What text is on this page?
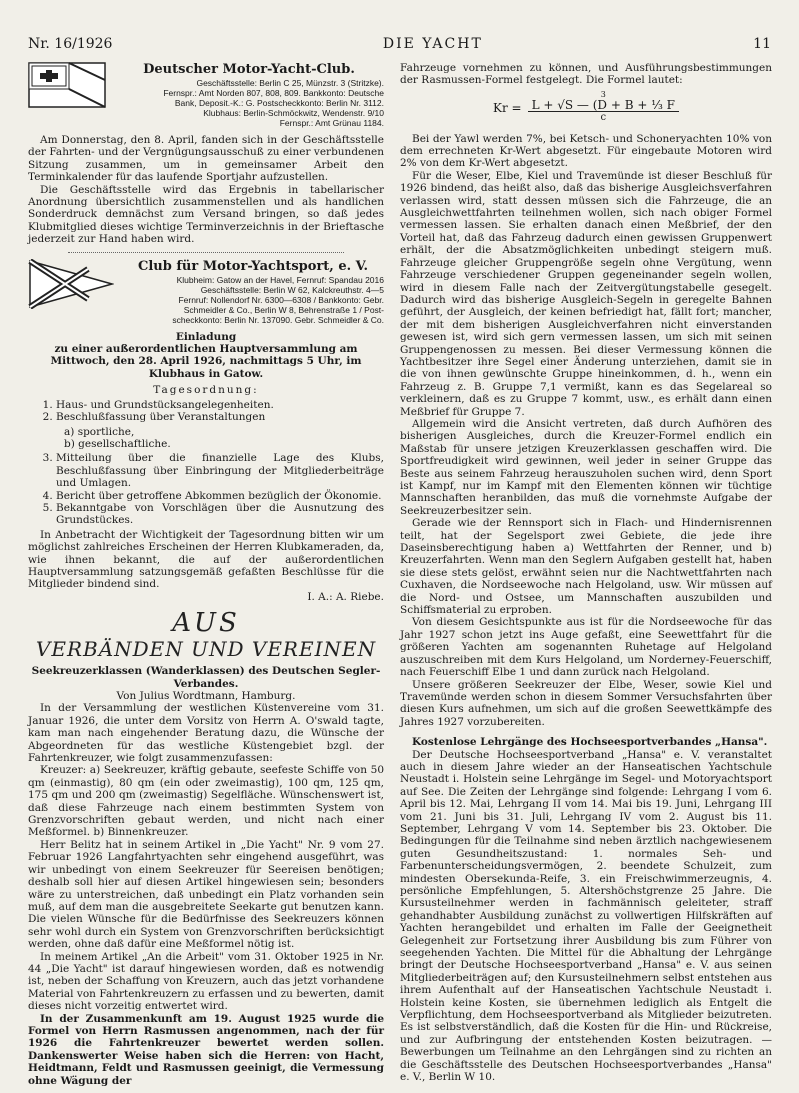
Nr. 16/1926	DIE YACHT	11
Deutscher Motor-Yacht-Club.
Geschäftsstelle: Berlin C 25, Münzstr. 3 (Stritzke).
Fernspr.: Amt Norden 807, 808, 809. Bankkonto: Deutsche
Bank, Deposit.-K.: G. Postscheckkonto: Berlin Nr. 3112.
Klubhaus: Berlin-Schmöckwitz, Wendenstr. 9/10
Fernspr.: Amt Grünau 1184.

Am Donnerstag, den 8. April, fanden sich in der Geschäftsstelle der Fahrten- und der Vergnügungsausschuß zu einer verbundenen Sitzung zusammen, um in gemeinsamer Arbeit den Terminkalender für das laufende Sportjahr aufzustellen.

Die Geschäftsstelle wird das Ergebnis in tabellarischer Anordnung übersichtlich zusammenstellen und als handlichen Sonderdruck demnächst zum Versand bringen, so daß jedes Klubmitglied dieses wichtige Terminverzeichnis in der Brieftasche jederzeit zur Hand haben wird.

Club für Motor-Yachtsport, e. V.
Klubheim: Gatow an der Havel, Fernruf: Spandau 2016
Geschäftsstelle: Berlin W 62, Kalckreuthstr. 4—5
Fernruf: Nollendorf Nr. 6300—6308 / Bankkonto: Gebr.
Schmeidler & Co., Berlin W 8, Behrenstraße 1 / Post-
scheckkonto: Berlin Nr. 137090. Gebr. Schmeidler & Co.

Einladung

zu einer außerordentlichen Hauptversammlung am Mittwoch, den 28. April 1926, nachmittags 5 Uhr, im Klubhaus in Gatow.

Tagesordnung:

1. Haus- und Grundstücksangelegenheiten.
2. Beschlußfassung über Veranstaltungen
a) sportliche,
b) gesellschaftliche.
3. Mitteilung über die finanzielle Lage des Klubs, Beschlußfassung über Einbringung der Mitgliederbeiträge und Umlagen.
4. Bericht über getroffene Abkommen bezüglich der Ökonomie.
5. Bekanntgabe von Vorschlägen über die Ausnutzung des Grundstückes.

In Anbetracht der Wichtigkeit der Tagesordnung bitten wir um möglichst zahlreiches Erscheinen der Herren Klubkameraden, da, wie ihnen bekannt, die auf der außerordentlichen Hauptversammlung satzungsgemäß gefaßten Beschlüsse für die Mitglieder bindend sind.

I. A.: A. Riebe.

AUS
VERBÄNDEN UND VEREINEN

Seekreuzerklassen (Wanderklassen) des Deutschen Segler-Verbandes.

Von Julius Wordtmann, Hamburg.

In der Versammlung der westlichen Küstenvereine vom 31. Januar 1926, die unter dem Vorsitz von Herrn A. O'swald tagte, kam man nach eingehender Beratung dazu, die Wünsche der Abgeordneten für das westliche Küstengebiet bzgl. der Fahrtenkreuzer, wie folgt zusammenzufassen:

Kreuzer: a) Seekreuzer, kräftig gebaute, seefeste Schiffe von 50 qm (einmastig), 80 qm (ein oder zweimastig), 100 qm, 125 qm, 175 qm und 200 qm (zweimastig) Segelfläche. Wünschenswert ist, daß diese Fahrzeuge nach einem bestimmten System von Grenzvorschriften gebaut werden, und nicht nach einer Meßformel. b) Binnenkreuzer.

Herr Belitz hat in seinem Artikel in „Die Yacht" Nr. 9 vom 27. Februar 1926 Langfahrtyachten sehr eingehend ausgeführt, was wir unbedingt von einem Seekreuzer für Seereisen benötigen; deshalb soll hier auf diesen Artikel hingewiesen sein; besonders wäre zu unterstreichen, daß unbedingt ein Platz vorhanden sein muß, auf dem man die ausgebreitete Seekarte gut benutzen kann. Die vielen Wünsche für die Bedürfnisse des Seekreuzers können sehr wohl durch ein System von Grenzvorschriften berücksichtigt werden, ohne daß dafür eine Meßformel nötig ist.

In meinem Artikel „An die Arbeit" vom 31. Oktober 1925 in Nr. 44 „Die Yacht" ist darauf hingewiesen worden, daß es notwendig ist, neben der Schaffung von Kreuzern, auch das jetzt vorhandene Material von Fahrtenkreuzern zu erfassen und zu bewerten, damit dieses nicht vorzeitig entwertet wird.

In der Zusammenkunft am 19. August 1925 wurde die Formel von Herrn Rasmussen angenommen, nach der für 1926 die Fahrtenkreuzer bewertet werden sollen. Dankenswerter Weise haben sich die Herren: von Hacht, Heidtmann, Feldt und Rasmussen geeinigt, die Vermessung ohne Wägung der

Fahrzeuge vornehmen zu können, und Ausführungsbestimmungen der Rasmussen-Formel festgelegt. Die Formel lautet:

Kr =
3
L + √S — (D + B + ⅓ F
c

Bei der Yawl werden 7%, bei Ketsch- und Schoneryachten 10% von dem errechneten Kr-Wert abgesetzt. Für eingebaute Motoren wird 2% von dem Kr-Wert abgesetzt.

Für die Weser, Elbe, Kiel und Travemünde ist dieser Beschluß für 1926 bindend, das heißt also, daß das bisherige Ausgleichsverfahren verlassen wird, statt dessen müssen sich die Fahrzeuge, die an Ausgleichwettfahrten teilnehmen wollen, sich nach obiger Formel vermessen lassen. Sie erhalten danach einen Meßbrief, der den Vorteil hat, daß das Fahrzeug dadurch einen gewissen Gruppenwert erhält, der die Absatzmöglichkeiten unbedingt steigern muß. Fahrzeuge gleicher Gruppengröße segeln ohne Vergütung, wenn Fahrzeuge verschiedener Gruppen gegeneinander segeln wollen, wird in diesem Falle nach der Zeitvergütungstabelle gesegelt. Dadurch wird das bisherige Ausgleich-Segeln in geregelte Bahnen geführt, der Ausgleich, der keinen befriedigt hat, fällt fort; mancher, der mit dem bisherigen Ausgleichverfahren nicht einverstanden gewesen ist, wird sich gern vermessen lassen, um sich mit seinen Gruppengenossen zu messen. Bei dieser Vermessung können die Yachtbesitzer ihre Segel einer Änderung unterziehen, damit sie in die von ihnen gewünschte Gruppe hineinkommen, d. h., wenn ein Fahrzeug z. B. Gruppe 7,1 vermißt, kann es das Segelareal so verkleinern, daß es zu Gruppe 7 kommt, usw., es erhält dann einen Meßbrief für Gruppe 7.

Allgemein wird die Ansicht vertreten, daß durch Aufhören des bisherigen Ausgleiches, durch die Kreuzer-Formel endlich ein Maßstab für unsere jetzigen Kreuzerklassen geschaffen wird. Die Sportfreudigkeit wird gewinnen, weil jeder in seiner Gruppe das Beste aus seinem Fahrzeug herauszuholen suchen wird, denn Sport ist Kampf, nur im Kampf mit den Elementen können wir tüchtige Mannschaften heranbilden, das muß die vornehmste Aufgabe der Seekreuzerbesitzer sein.

Gerade wie der Rennsport sich in Flach- und Hindernisrennen teilt, hat der Segelsport zwei Gebiete, die jede ihre Daseinsberechtigung haben a) Wettfahrten der Renner, und b) Kreuzerfahrten. Wenn man den Seglern Aufgaben gestellt hat, haben sie diese stets gelöst, erwähnt seien nur die Nachtwettfahrten nach Cuxhaven, die Nordseewoche nach Helgoland, usw. Wir müssen auf die Nord- und Ostsee, um Mannschaften auszubilden und Schiffsmaterial zu erproben.

Von diesem Gesichtspunkte aus ist für die Nordseewoche für das Jahr 1927 schon jetzt ins Auge gefaßt, eine Seewettfahrt für die größeren Yachten am sogenannten Ruhetage auf Helgoland auszuschreiben mit dem Kurs Helgoland, um Norderney-Feuerschiff, nach Feuerschiff Elbe 1 und dann zurück nach Helgoland.

Unsere größeren Seekreuzer der Elbe, Weser, sowie Kiel und Travemünde werden schon in diesem Sommer Versuchsfahrten über diesen Kurs aufnehmen, um sich auf die großen Seewettkämpfe des Jahres 1927 vorzubereiten.

Kostenlose Lehrgänge des Hochseesportverbandes „Hansa".

Der Deutsche Hochseesportverband „Hansa" e. V. veranstaltet auch in diesem Jahre wieder an der Hanseatischen Yachtschule Neustadt i. Holstein seine Lehrgänge im Segel- und Motoryachtsport auf See. Die Zeiten der Lehrgänge sind folgende: Lehrgang I vom 6. April bis 12. Mai, Lehrgang II vom 14. Mai bis 19. Juni, Lehrgang III vom 21. Juni bis 31. Juli, Lehrgang IV vom 2. August bis 11. September, Lehrgang V vom 14. September bis 23. Oktober. Die Bedingungen für die Teilnahme sind neben ärztlich nachgewiesenem guten Gesundheitszustand: 1. normales Seh- und Farbenunterscheidungsvermögen, 2. beendete Schulzeit, zum mindesten Obersekunda-Reife, 3. ein Freischwimmerzeugnis, 4. persönliche Empfehlungen, 5. Altershöchstgrenze 25 Jahre. Die Kursusteilnehmer werden in fachmännisch geleiteter, straff gehandhabter Ausbildung zunächst zu vollwertigen Hilfskräften auf Yachten herangebildet und erhalten im Falle der Geeignetheit Gelegenheit zur Fortsetzung ihrer Ausbildung bis zum Führer von seegehenden Yachten. Die Mittel für die Abhaltung der Lehrgänge bringt der Deutsche Hochseesportverband „Hansa" e. V. aus seinen Mitgliederbeiträgen auf; den Kursusteilnehmern selbst entstehen aus ihrem Aufenthalt auf der Hanseatischen Yachtschule Neustadt i. Holstein keine Kosten, sie übernehmen lediglich als Entgelt die Verpflichtung, dem Hochseesportverband als Mitglieder beizutreten. Es ist selbstverständlich, daß die Kosten für die Hin- und Rückreise, und zur Aufbringung der entstehenden Kosten beizutragen. — Bewerbungen um Teilnahme an den Lehrgängen sind zu richten an die Geschäftsstelle des Deutschen Hochseesportverbandes „Hansa" e. V., Berlin W 10.
